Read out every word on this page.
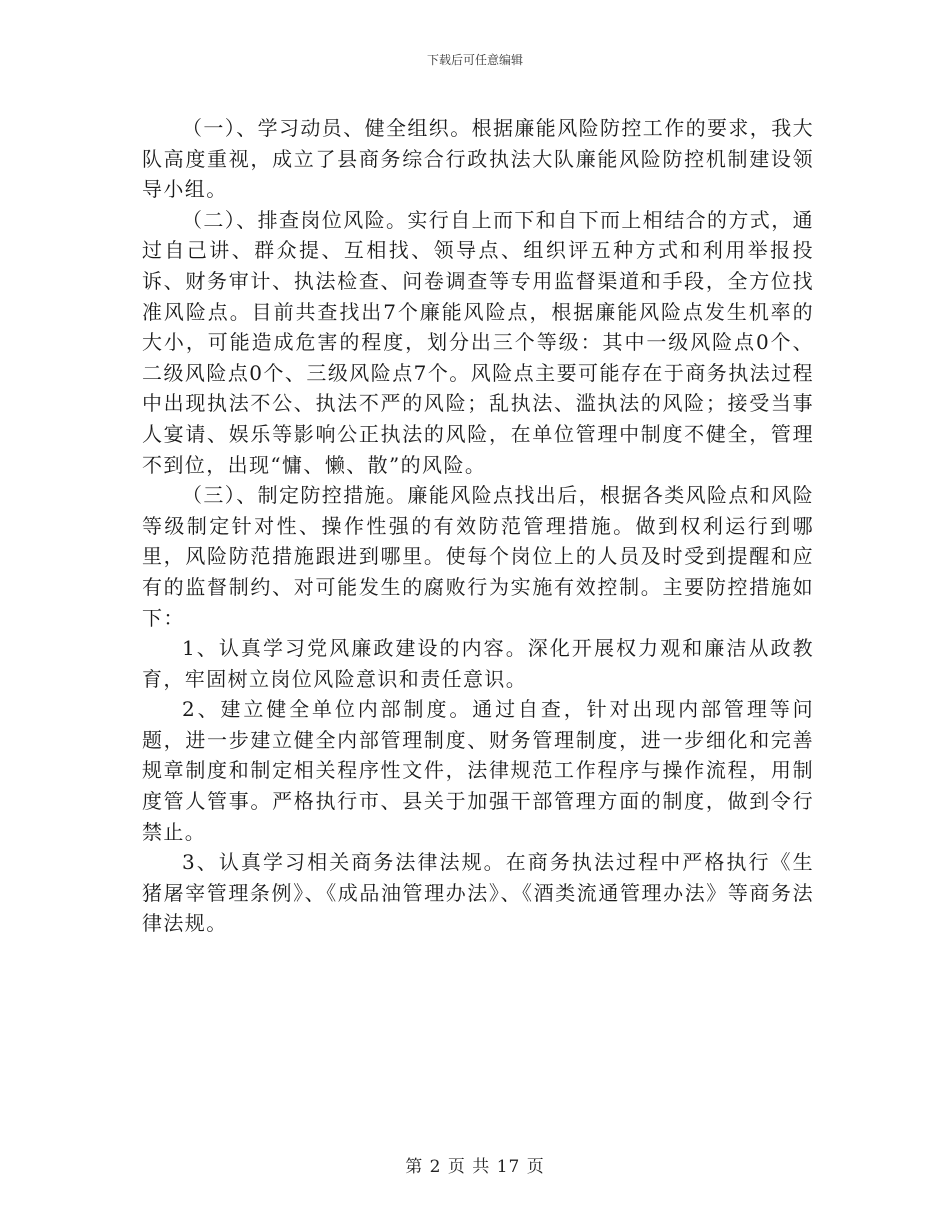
下载后可任意编辑

（一）、学习动员、健全组织。根据廉能风险防控工作的要求，我大队高度重视，成立了县商务综合行政执法大队廉能风险防控机制建设领导小组。

（二）、排查岗位风险。实行自上而下和自下而上相结合的方式，通过自己讲、群众提、互相找、领导点、组织评五种方式和利用举报投诉、财务审计、执法检查、问卷调查等专用监督渠道和手段，全方位找准风险点。目前共查找出7个廉能风险点，根据廉能风险点发生机率的大小，可能造成危害的程度，划分出三个等级：其中一级风险点0个、二级风险点0个、三级风险点7个。风险点主要可能存在于商务执法过程中出现执法不公、执法不严的风险；乱执法、滥执法的风险；接受当事人宴请、娱乐等影响公正执法的风险，在单位管理中制度不健全，管理不到位，出现“慵、懒、散”的风险。

（三）、制定防控措施。廉能风险点找出后，根据各类风险点和风险等级制定针对性、操作性强的有效防范管理措施。做到权利运行到哪里，风险防范措施跟进到哪里。使每个岗位上的人员及时受到提醒和应有的监督制约、对可能发生的腐败行为实施有效控制。主要防控措施如下：

1、认真学习党风廉政建设的内容。深化开展权力观和廉洁从政教育，牢固树立岗位风险意识和责任意识。

2、建立健全单位内部制度。通过自查，针对出现内部管理等问题，进一步建立健全内部管理制度、财务管理制度，进一步细化和完善规章制度和制定相关程序性文件，法律规范工作程序与操作流程，用制度管人管事。严格执行市、县关于加强干部管理方面的制度，做到令行禁止。

3、认真学习相关商务法律法规。在商务执法过程中严格执行《生猪屠宰管理条例》、《成品油管理办法》、《酒类流通管理办法》等商务法律法规。

第 2 页 共 17 页
